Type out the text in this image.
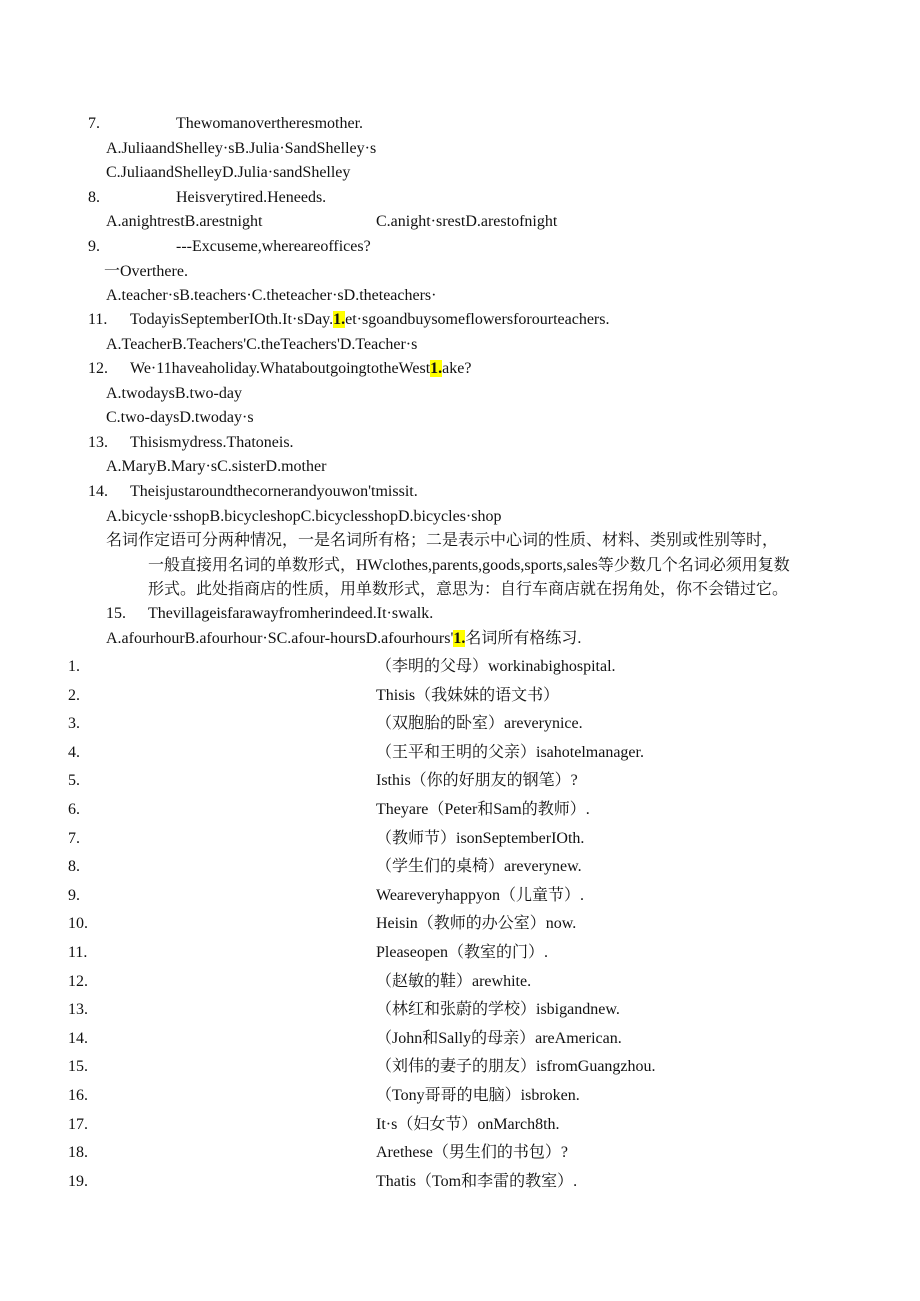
7.	Thewomanovertheresmother.
A.JuliaandShelley·sB.Julia·SandShelley·s
C.JuliaandShelleyD.Julia·sandShelley
8.	Heisverytired.Heneeds.
A.anightrestB.arestnight	C.anight·srestD.arestofnight
9.	---Excuseme,whereareoffices?
一Overthere.
A.teacher·sB.teachers·C.theteacher·sD.theteachers·
11. TodayisSeptemberIOth.It·sDay.1.et·sgoandbuysomeflowersforourteachers.
A.TeacherB.Teachers'C.theTeachers'D.Teacher·s
12. We·11haveaholiday.WhataboutgoingtotheWest1.ake?
A.twodaysB.two-day
C.two-daysD.twoday·s
13. Thisismydress.Thatoneis.
A.MaryB.Mary·sC.sisterD.mother
14. Theisjustaroundthecornerandyouwon'tmissit.
A.bicycle·sshopB.bicycleshopC.bicyclesshopD.bicycles·shop
名词作定语可分两种情况，一是名词所有格；二是表示中心词的性质、材料、类别或性别等时，
一般直接用名词的单数形式，HWclothes,parents,goods,sports,sales等少数几个名词必须用复数
形式。此处指商店的性质，用单数形式，意思为：自行车商店就在拐角处，你不会错过它。
15. Thevillageisfarawayfromherindeed.It·swalk.
A.afourhourB.afourhour·SC.afour-hoursD.afourhours'1.名词所有格练习.
1.	（李明的父母）workinabighospital.
2.	Thisis（我妹妹的语文书）
3.	（双胞胎的卧室）areverynice.
4.	（王平和王明的父亲）isahotelmanager.
5.	Isthis（你的好朋友的钢笔）?
6.	Theyare（Peter和Sam的教师）.
7.	（教师节）isonSeptemberIOth.
8.	（学生们的桌椅）areverynew.
9.	Weareveryhappyon（儿童节）.
10.	Heisin（教师的办公室）now.
11.	Pleaseopen（教室的门）.
12.	（赵敏的鞋）arewhite.
13.	（林红和张蔚的学校）isbigandnew.
14.	（John和Sally的母亲）areAmerican.
15.	（刘伟的妻子的朋友）isfromGuangzhou.
16.	（Tony哥哥的电脑）isbroken.
17.	It·s（妇女节）onMarch8th.
18.	Arethese（男生们的书包）?
19.	Thatis（Tom和李雷的教室）.
